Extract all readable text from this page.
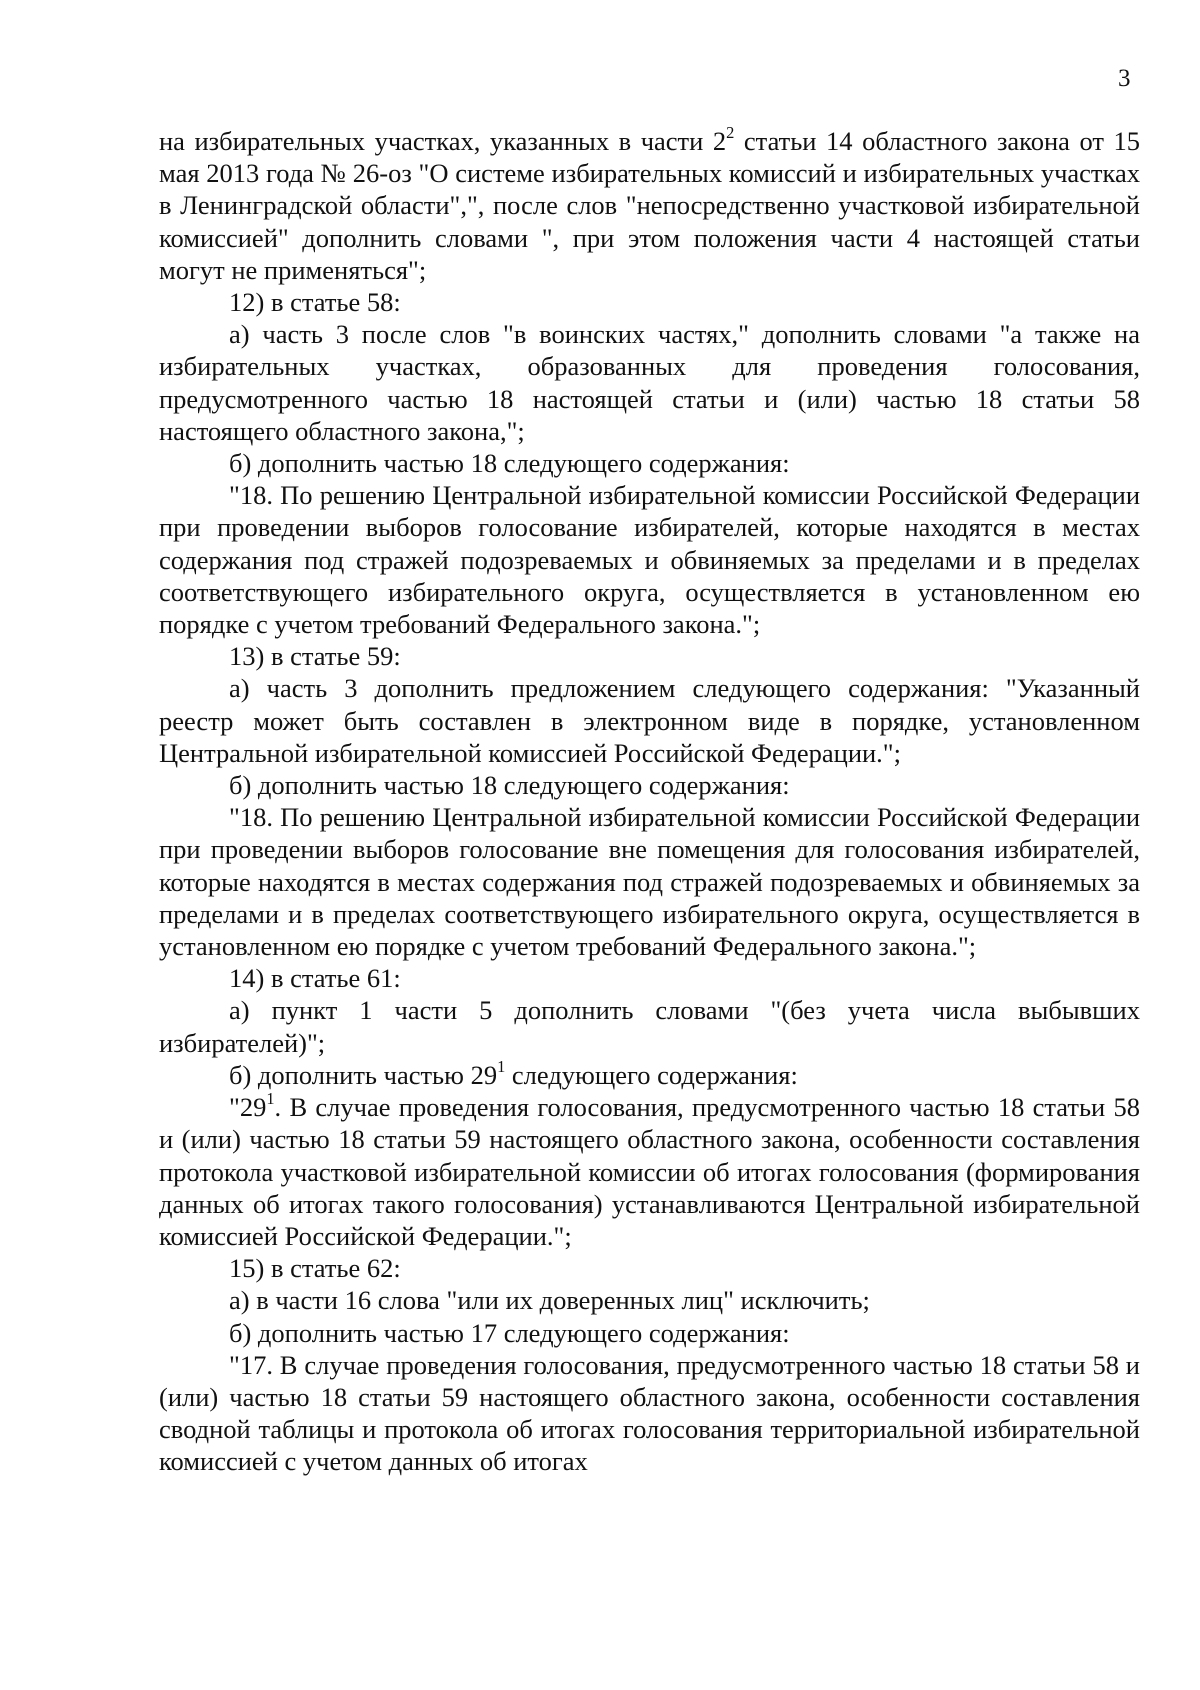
3

на избирательных участках, указанных в части $2^2$ статьи 14 областного закона от 15 мая 2013 года № 26-оз "О системе избирательных комиссий и избирательных участках в Ленинградской области",", после слов "непосредственно участковой избирательной комиссией" дополнить словами ", при этом положения части 4 настоящей статьи могут не применяться";

12) в статье 58:

а) часть 3 после слов "в воинских частях," дополнить словами "а также на избирательных участках, образованных для проведения голосования, предусмотренного частью 18 настоящей статьи и (или) частью 18 статьи 58 настоящего областного закона,";

б) дополнить частью 18 следующего содержания:

"18. По решению Центральной избирательной комиссии Российской Федерации при проведении выборов голосование избирателей, которые находятся в местах содержания под стражей подозреваемых и обвиняемых за пределами и в пределах соответствующего избирательного округа, осуществляется в установленном ею порядке с учетом требований Федерального закона.";

13) в статье 59:

а) часть 3 дополнить предложением следующего содержания: "Указанный реестр может быть составлен в электронном виде в порядке, установленном Центральной избирательной комиссией Российской Федерации.";

б) дополнить частью 18 следующего содержания:

"18. По решению Центральной избирательной комиссии Российской Федерации при проведении выборов голосование вне помещения для голосования избирателей, которые находятся в местах содержания под стражей подозреваемых и обвиняемых за пределами и в пределах соответствующего избирательного округа, осуществляется в установленном ею порядке с учетом требований Федерального закона.";

14) в статье 61:

а) пункт 1 части 5 дополнить словами "(без учета числа выбывших избирателей)";

б) дополнить частью $29^1$ следующего содержания:

"$29^1$. В случае проведения голосования, предусмотренного частью 18 статьи 58 и (или) частью 18 статьи 59 настоящего областного закона, особенности составления протокола участковой избирательной комиссии об итогах голосования (формирования данных об итогах такого голосования) устанавливаются Центральной избирательной комиссией Российской Федерации.";

15) в статье 62:

а) в части 16 слова "или их доверенных лиц" исключить;

б) дополнить частью 17 следующего содержания:

"17. В случае проведения голосования, предусмотренного частью 18 статьи 58 и (или) частью 18 статьи 59 настоящего областного закона, особенности составления сводной таблицы и протокола об итогах голосования территориальной избирательной комиссией с учетом данных об итогах
